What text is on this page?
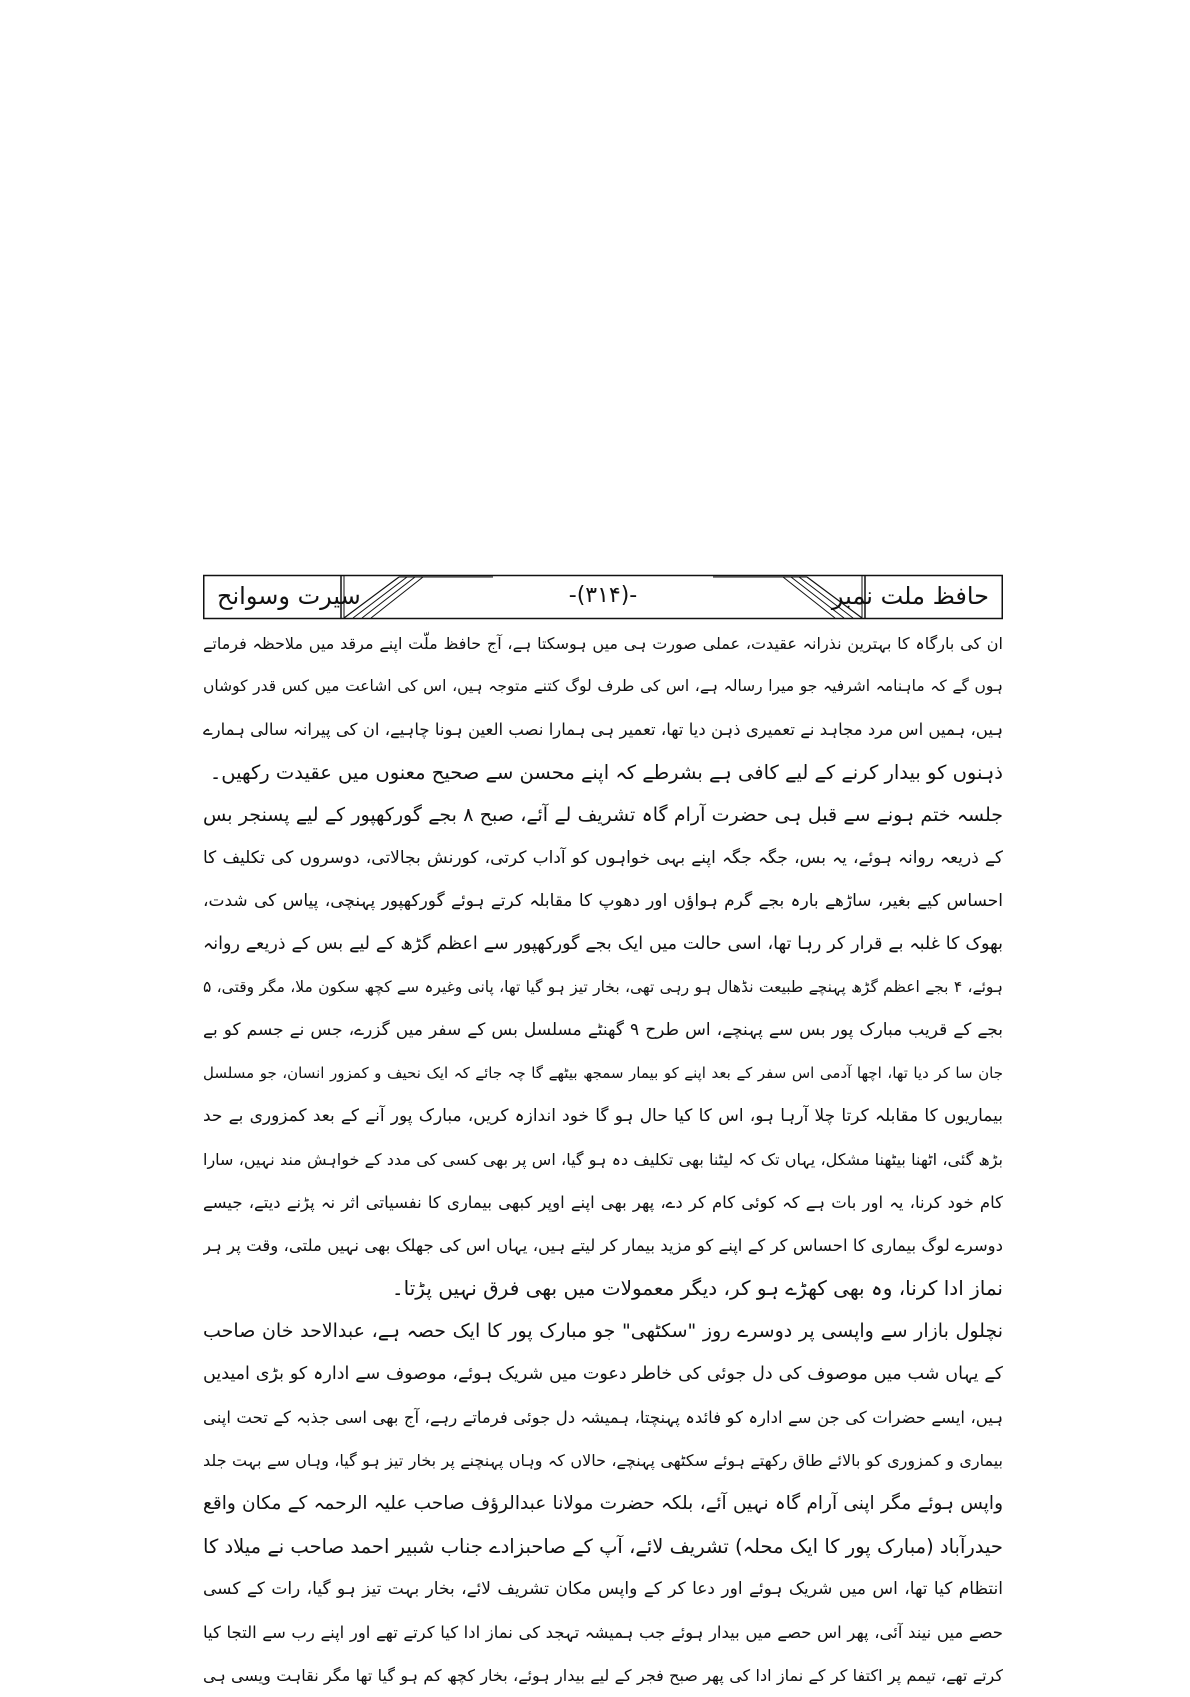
حافظ ملت نمبر
-(۳۱۴)-
سیرت وسوانح
ان کی بارگاہ کا بہترین نذرانہ عقیدت، عملی صورت ہی میں ہوسکتا ہے، آج حافظ ملّت اپنے مرقد میں ملاحظہ فرماتے
ہوں گے کہ ماہنامہ اشرفیہ جو میرا رسالہ ہے، اس کی طرف لوگ کتنے متوجہ ہیں، اس کی اشاعت میں کس قدر کوشاں
ہیں، ہمیں اس مرد مجاہد نے تعمیری ذہن دیا تھا، تعمیر ہی ہمارا نصب العین ہونا چاہیے، ان کی پیرانہ سالی ہمارے
ذہنوں کو بیدار کرنے کے لیے کافی ہے بشرطے کہ اپنے محسن سے صحیح معنوں میں عقیدت رکھیں۔
جلسہ ختم ہونے سے قبل ہی حضرت آرام گاہ تشریف لے آئے، صبح ۸ بجے گورکھپور کے لیے پسنجر بس
کے ذریعہ روانہ ہوئے، یہ بس، جگہ جگہ اپنے بہی خواہوں کو آداب کرتی، کورنش بجالاتی، دوسروں کی تکلیف کا
احساس کیے بغیر، ساڑھے بارہ بجے گرم ہواؤں اور دھوپ کا مقابلہ کرتے ہوئے گورکھپور پہنچی، پیاس کی شدت،
بھوک کا غلبہ بے قرار کر رہا تھا، اسی حالت میں ایک بجے گورکھپور سے اعظم گڑھ کے لیے بس کے ذریعے روانہ
ہوئے، ۴ بجے اعظم گڑھ پہنچے طبیعت نڈھال ہو رہی تھی، بخار تیز ہو گیا تھا، پانی وغیرہ سے کچھ سکون ملا، مگر وقتی، ۵
بجے کے قریب مبارک پور بس سے پہنچے، اس طرح ۹ گھنٹے مسلسل بس کے سفر میں گزرے، جس نے جسم کو بے
جان سا کر دیا تھا، اچھا آدمی اس سفر کے بعد اپنے کو بیمار سمجھ بیٹھے گا چہ جائے کہ ایک نحیف و کمزور انسان، جو مسلسل
بیماریوں کا مقابلہ کرتا چلا آرہا ہو، اس کا کیا حال ہو گا خود اندازہ کریں، مبارک پور آنے کے بعد کمزوری بے حد
بڑھ گئی، اٹھنا بیٹھنا مشکل، یہاں تک کہ لیٹنا بھی تکلیف دہ ہو گیا، اس پر بھی کسی کی مدد کے خواہش مند نہیں، سارا
کام خود کرنا، یہ اور بات ہے کہ کوئی کام کر دے، پھر بھی اپنے اوپر کبھی بیماری کا نفسیاتی اثر نہ پڑنے دیتے، جیسے
دوسرے لوگ بیماری کا احساس کر کے اپنے کو مزید بیمار کر لیتے ہیں، یہاں اس کی جھلک بھی نہیں ملتی، وقت پر ہر
نماز ادا کرنا، وہ بھی کھڑے ہو کر، دیگر معمولات میں بھی فرق نہیں پڑتا۔
نچلول بازار سے واپسی پر دوسرے روز "سکٹھی" جو مبارک پور کا ایک حصہ ہے، عبدالاحد خان صاحب
کے یہاں شب میں موصوف کی دل جوئی کی خاطر دعوت میں شریک ہوئے، موصوف سے ادارہ کو بڑی امیدیں
ہیں، ایسے حضرات کی جن سے ادارہ کو فائدہ پہنچتا، ہمیشہ دل جوئی فرماتے رہے، آج بھی اسی جذبہ کے تحت اپنی
بیماری و کمزوری کو بالائے طاق رکھتے ہوئے سکٹھی پہنچے، حالاں کہ وہاں پہنچنے پر بخار تیز ہو گیا، وہاں سے بہت جلد
واپس ہوئے مگر اپنی آرام گاہ نہیں آئے، بلکہ حضرت مولانا عبدالرؤف صاحب علیہ الرحمہ کے مکان واقع
حیدرآباد (مبارک پور کا ایک محلہ) تشریف لائے، آپ کے صاحبزادے جناب شبیر احمد صاحب نے میلاد کا
انتظام کیا تھا، اس میں شریک ہوئے اور دعا کر کے واپس مکان تشریف لائے، بخار بہت تیز ہو گیا، رات کے کسی
حصے میں نیند آئی، پھر اس حصے میں بیدار ہوئے جب ہمیشہ تہجد کی نماز ادا کیا کرتے تھے اور اپنے رب سے التجا کیا
کرتے تھے، تیمم پر اکتفا کر کے نماز ادا کی پھر صبح فجر کے لیے بیدار ہوئے، بخار کچھ کم ہو گیا تھا مگر نقاہت ویسی ہی
